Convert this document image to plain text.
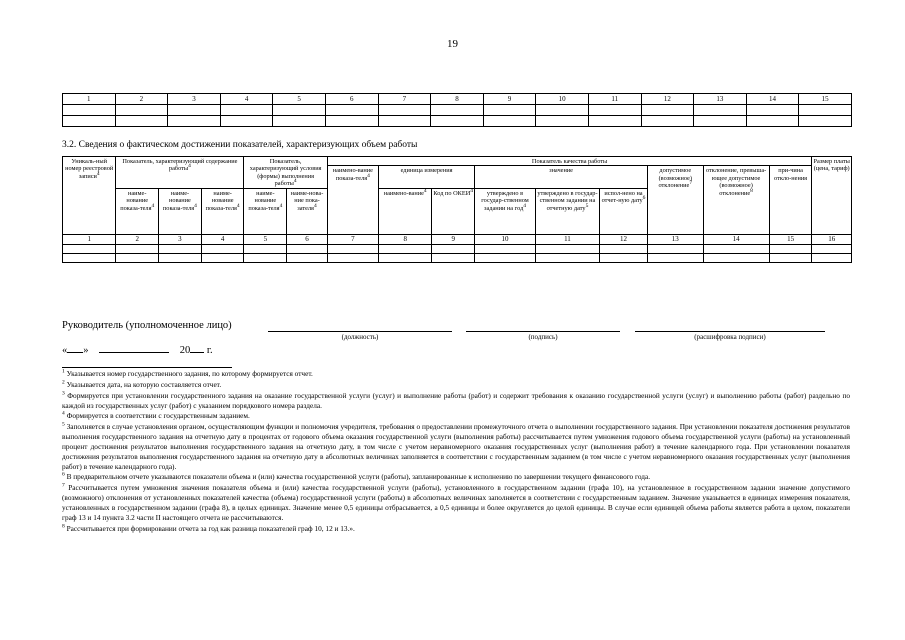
19
1	2	3	4	5	6	7	8	9	10	11	12	13	14	15

3.2. Сведения о фактическом достижении показателей, характеризующих объем работы
Уникаль-ный номер реестровой записи$^4$	Показатель, характеризующий содержание работы$^4$			Показатель, характеризующий условия (формы) выполнения работы$^4$		Показатель качества работы									Размер платы (цена, тариф)
						наимено-вание показа-теля$^4$	единица измерения		значение			допустимое (возможное) отклонение$^7$	отклонение, превыша-ющее допустимое (возможное) отклонение$^8$	при-чина откло-нения	
	наиме-нование показа-теля$^4$	наиме-нование показа-теля$^4$	наиме-нование показа-теля$^4$	наиме-нование показа-теля$^4$	наиме-нова-ние пока-зателя$^4$		наимено-вание$^4$	Код по ОКЕИ$^4$	утверждено в государ-ственном задании на год$^4$	утверждено в государ-ственном задании на отчетную дату$^5$	испол-нено на отчет-ную дату$^6$
1	2	3	4	5	6	7	8	9	10	11	12	13	14	15	16

Руководитель (уполномоченное лицо)
(должность)	(подпись)	(расшифровка подписи)
« »	20 г.

$^1$ Указывается номер государственного задания, по которому формируется отчет.

$^2$ Указывается дата, на которую составляется отчет.

$^3$ Формируется при установлении государственного задания на оказание государственной услуги (услуг) и выполнение работы (работ) и содержит требования к оказанию государственной услуги (услуг) и выполнению работы (работ) раздельно по каждой из государственных услуг (работ) с указанием порядкового номера раздела.

$^4$ Формируется в соответствии с государственным заданием.

$^5$ Заполняется в случае установления органом, осуществляющим функции и полномочия учредителя, требования о предоставлении промежуточного отчета о выполнении государственного задания. При установлении показателя достижения результатов выполнения государственного задания на отчетную дату в процентах от годового объема оказания государственной услуги (выполнения работы) рассчитывается путем умножения годового объема государственной услуги (работы) на установленный процент достижения результатов выполнения государственного задания на отчетную дату, в том числе с учетом неравномерного оказания государственных услуг (выполнения работ) в течение календарного года. При установлении показателя достижения результатов выполнения государственного задания на отчетную дату в абсолютных величинах заполняется в соответствии с государственным заданием (в том числе с учетом неравномерного оказания государственных услуг (выполнения работ) в течение календарного года).

$^6$ В предварительном отчете указываются показатели объема и (или) качества государственной услуги (работы), запланированные к исполнению по завершении текущего финансового года.

$^7$ Рассчитывается путем умножения значения показателя объема и (или) качества государственной услуги (работы), установленного в государственном задании (графа 10), на установленное в государственном задании значение допустимого (возможного) отклонения от установленных показателей качества (объема) государственной услуги (работы) в абсолютных величинах заполняется в соответствии с государственным заданием. Значение указывается в единицах измерения показателя, установленных в государственном задании (графа 8), в целых единицах. Значение менее 0,5 единицы отбрасывается, а 0,5 единицы и более округляется до целой единицы. В случае если единицей объема работы является работа в целом, показатели граф 13 и 14 пункта 3.2 части II настоящего отчета не рассчитываются.

$^8$ Рассчитывается при формировании отчета за год как разница показателей граф 10, 12 и 13.».
